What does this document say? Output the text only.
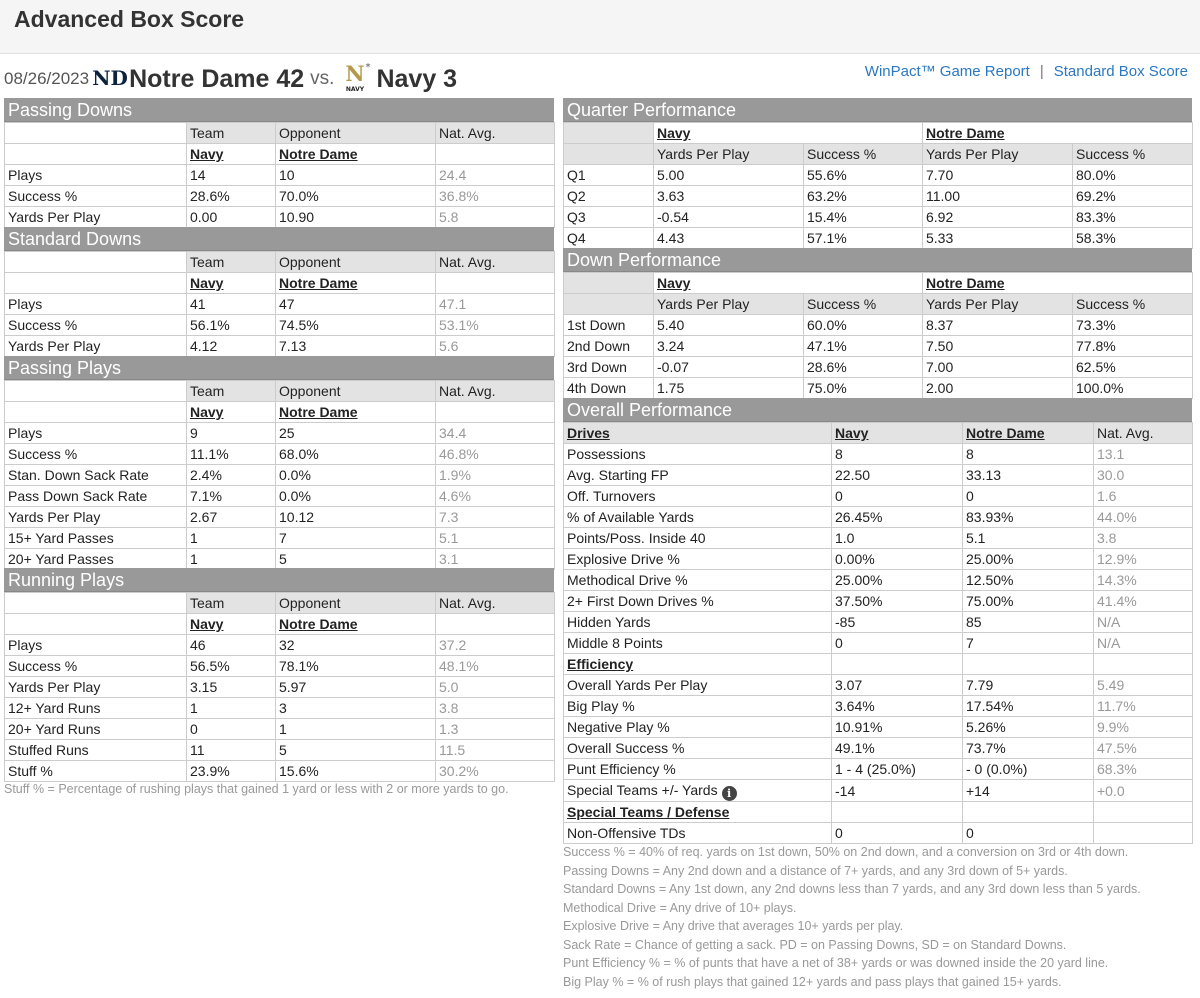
Advanced Box Score
08/26/2023 ND Notre Dame 42 vs. N *
NAVY Navy 3	WinPact™ Game Report | Standard Box Score
Passing Downs
	Team	Opponent	Nat. Avg.
	Navy	Notre Dame	
Plays	14	10	24.4
Success %	28.6%	70.0%	36.8%
Yards Per Play	0.00	10.90	5.8
Standard Downs
	Team	Opponent	Nat. Avg.
	Navy	Notre Dame	
Plays	41	47	47.1
Success %	56.1%	74.5%	53.1%
Yards Per Play	4.12	7.13	5.6
Passing Plays
	Team	Opponent	Nat. Avg.
	Navy	Notre Dame	
Plays	9	25	34.4
Success %	11.1%	68.0%	46.8%
Stan. Down Sack Rate	2.4%	0.0%	1.9%
Pass Down Sack Rate	7.1%	0.0%	4.6%
Yards Per Play	2.67	10.12	7.3
15+ Yard Passes	1	7	5.1
20+ Yard Passes	1	5	3.1
Running Plays
	Team	Opponent	Nat. Avg.
	Navy	Notre Dame	
Plays	46	32	37.2
Success %	56.5%	78.1%	48.1%
Yards Per Play	3.15	5.97	5.0
12+ Yard Runs	1	3	3.8
20+ Yard Runs	0	1	1.3
Stuffed Runs	11	5	11.5
Stuff %	23.9%	15.6%	30.2%
Stuff % = Percentage of rushing plays that gained 1 yard or less with 2 or more yards to go.
Quarter Performance
	Navy		Notre Dame	
	Yards Per Play	Success %	Yards Per Play	Success %
Q1	5.00	55.6%	7.70	80.0%
Q2	3.63	63.2%	11.00	69.2%
Q3	-0.54	15.4%	6.92	83.3%
Q4	4.43	57.1%	5.33	58.3%
Down Performance
	Navy		Notre Dame	
	Yards Per Play	Success %	Yards Per Play	Success %
1st Down	5.40	60.0%	8.37	73.3%
2nd Down	3.24	47.1%	7.50	77.8%
3rd Down	-0.07	28.6%	7.00	62.5%
4th Down	1.75	75.0%	2.00	100.0%
Overall Performance
Drives	Navy	Notre Dame	Nat. Avg.
Possessions	8	8	13.1
Avg. Starting FP	22.50	33.13	30.0
Off. Turnovers	0	0	1.6
% of Available Yards	26.45%	83.93%	44.0%
Points/Poss. Inside 40	1.0	5.1	3.8
Explosive Drive %	0.00%	25.00%	12.9%
Methodical Drive %	25.00%	12.50%	14.3%
2+ First Down Drives %	37.50%	75.00%	41.4%
Hidden Yards	-85	85	N/A
Middle 8 Points	0	7	N/A
Efficiency			
Overall Yards Per Play	3.07	7.79	5.49
Big Play %	3.64%	17.54%	11.7%
Negative Play %	10.91%	5.26%	9.9%
Overall Success %	49.1%	73.7%	47.5%
Punt Efficiency %	1 - 4 (25.0%)	- 0 (0.0%)	68.3%
Special Teams +/- Yards i	-14	+14	+0.0
Special Teams / Defense			
Non-Offensive TDs	0	0	
Success % = 40% of req. yards on 1st down, 50% on 2nd down, and a conversion on 3rd or 4th down.
Passing Downs = Any 2nd down and a distance of 7+ yards, and any 3rd down of 5+ yards.
Standard Downs = Any 1st down, any 2nd downs less than 7 yards, and any 3rd down less than 5 yards.
Methodical Drive = Any drive of 10+ plays.
Explosive Drive = Any drive that averages 10+ yards per play.
Sack Rate = Chance of getting a sack. PD = on Passing Downs, SD = on Standard Downs.
Punt Efficiency % = % of punts that have a net of 38+ yards or was downed inside the 20 yard line.
Big Play % = % of rush plays that gained 12+ yards and pass plays that gained 15+ yards.
